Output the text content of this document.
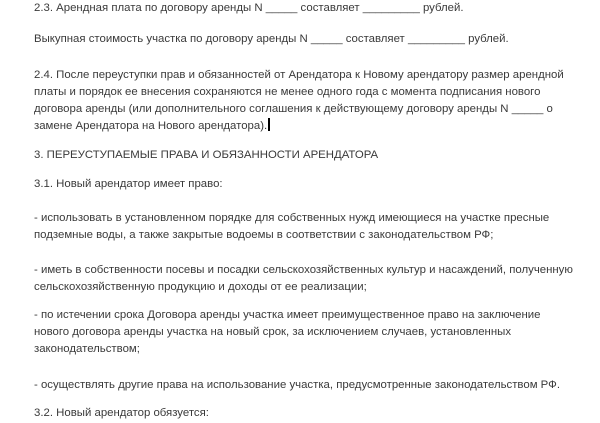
2.3. Арендная плата по договору аренды N _____ составляет _________ рублей.

Выкупная стоимость участка по договору аренды N _____ составляет _________ рублей.

2.4. После переуступки прав и обязанностей от Арендатора к Новому арендатору размер арендной платы и порядок ее внесения сохраняются не менее одного года с момента подписания нового договора аренды (или дополнительного соглашения к действующему договору аренды N _____ о замене Арендатора на Нового арендатора).

3. ПЕРЕУСТУПАЕМЫЕ ПРАВА И ОБЯЗАННОСТИ АРЕНДАТОРА

3.1. Новый арендатор имеет право:

- использовать в установленном порядке для собственных нужд имеющиеся на участке пресные подземные воды, а также закрытые водоемы в соответствии с законодательством РФ;

- иметь в собственности посевы и посадки сельскохозяйственных культур и насаждений, полученную сельскохозяйственную продукцию и доходы от ее реализации;

- по истечении срока Договора аренды участка имеет преимущественное право на заключение нового договора аренды участка на новый срок, за исключением случаев, установленных законодательством;

- осуществлять другие права на использование участка, предусмотренные законодательством РФ.

3.2. Новый арендатор обязуется:
